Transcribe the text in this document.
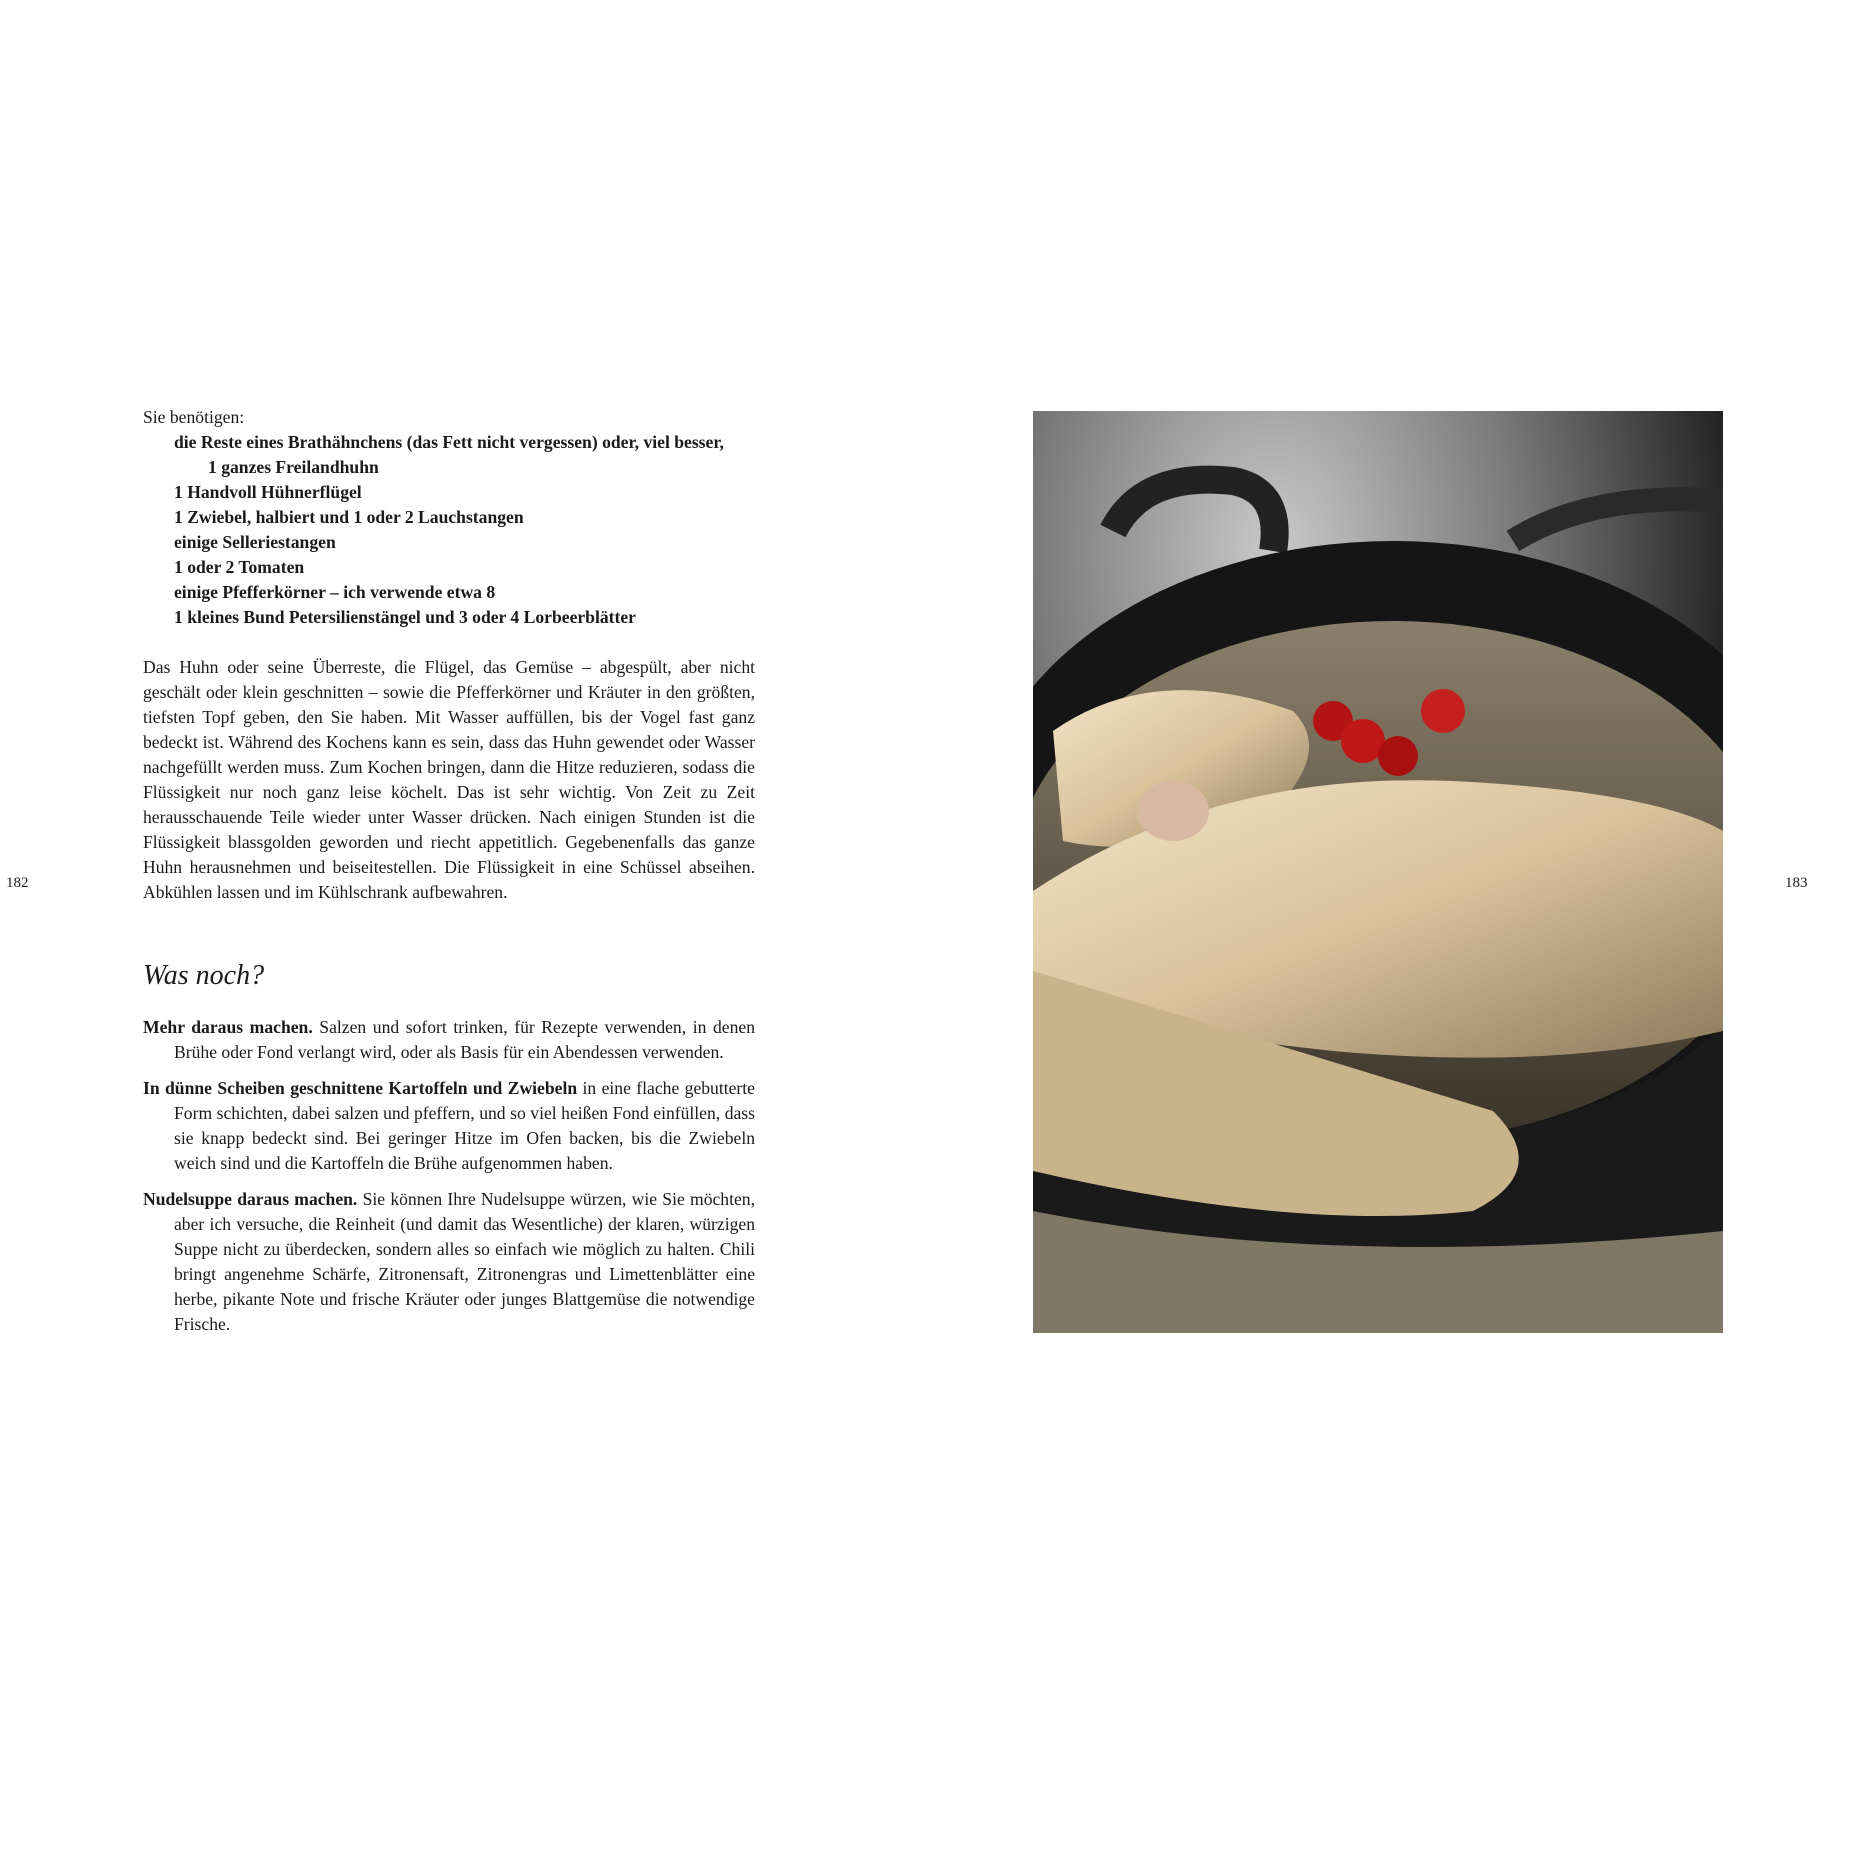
182	183

Sie benötigen:

die Reste eines Brathähnchens (das Fett nicht vergessen) oder, viel besser,
1 ganzes Freilandhuhn
1 Handvoll Hühnerflügel
1 Zwiebel, halbiert und 1 oder 2 Lauchstangen
einige Selleriestangen
1 oder 2 Tomaten
einige Pfefferkörner – ich verwende etwa 8
1 kleines Bund Petersilienstängel und 3 oder 4 Lorbeerblätter

Das Huhn oder seine Überreste, die Flügel, das Gemüse – abgespült, aber nicht geschält oder klein geschnitten – sowie die Pfefferkörner und Kräuter in den größten, tiefsten Topf geben, den Sie haben. Mit Wasser auffüllen, bis der Vogel fast ganz bedeckt ist. Während des Kochens kann es sein, dass das Huhn gewendet oder Wasser nachgefüllt werden muss. Zum Kochen bringen, dann die Hitze reduzieren, sodass die Flüssigkeit nur noch ganz leise köchelt. Das ist sehr wichtig. Von Zeit zu Zeit herausschauende Teile wieder unter Wasser drücken. Nach einigen Stunden ist die Flüssigkeit blassgolden geworden und riecht appetitlich. Gegebenenfalls das ganze Huhn herausnehmen und beiseitestellen. Die Flüssigkeit in eine Schüssel abseihen. Abkühlen lassen und im Kühlschrank aufbewahren.

Was noch?

Mehr daraus machen. Salzen und sofort trinken, für Rezepte verwenden, in denen Brühe oder Fond verlangt wird, oder als Basis für ein Abendessen verwenden.

In dünne Scheiben geschnittene Kartoffeln und Zwiebeln in eine flache gebutterte Form schichten, dabei salzen und pfeffern, und so viel heißen Fond einfüllen, dass sie knapp bedeckt sind. Bei geringer Hitze im Ofen backen, bis die Zwiebeln weich sind und die Kartoffeln die Brühe aufgenommen haben.

Nudelsuppe daraus machen. Sie können Ihre Nudelsuppe würzen, wie Sie möchten, aber ich versuche, die Reinheit (und damit das Wesentliche) der klaren, würzigen Suppe nicht zu überdecken, sondern alles so einfach wie möglich zu halten. Chili bringt angenehme Schärfe, Zitronensaft, Zitronengras und Limettenblätter eine herbe, pikante Note und frische Kräuter oder junges Blattgemüse die notwendige Frische.
